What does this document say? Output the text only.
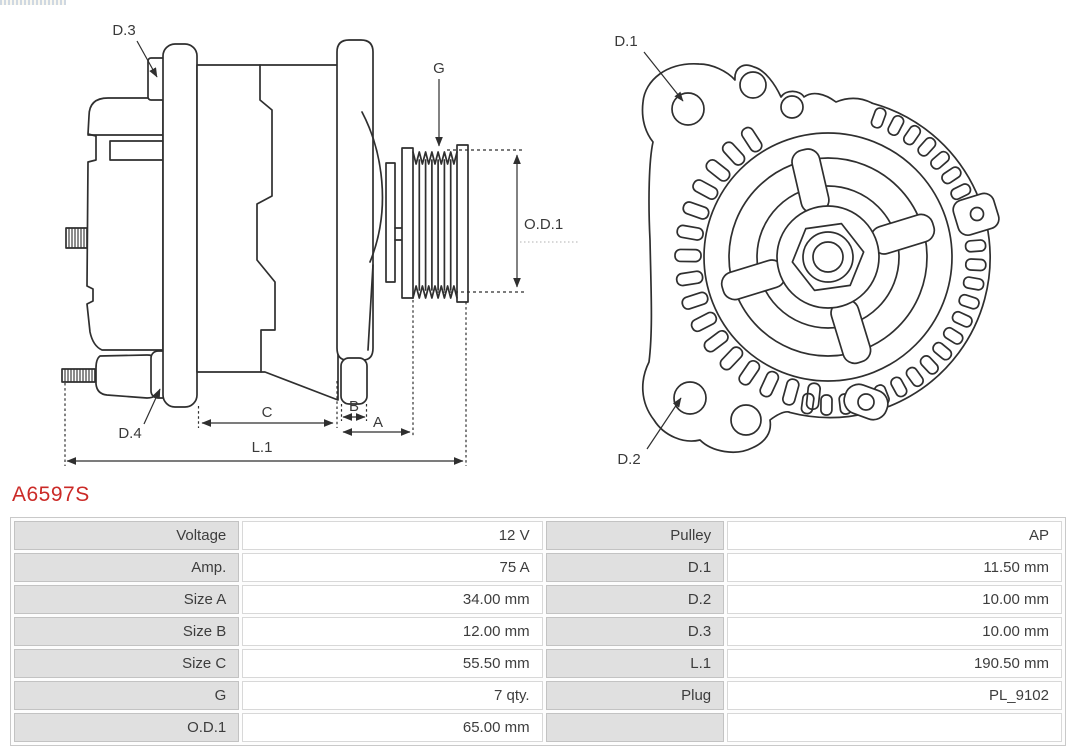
D.3
G
O.D.1
D.4
C	B
A
L.1
D.1
D.2
A6597S
Voltage	12 V	Pulley	AP
Amp.	75 A	D.1	11.50 mm
Size A	34.00 mm	D.2	10.00 mm
Size B	12.00 mm	D.3	10.00 mm
Size C	55.50 mm	L.1	190.50 mm
G	7 qty.	Plug	PL_9102
O.D.1	65.00 mm		
